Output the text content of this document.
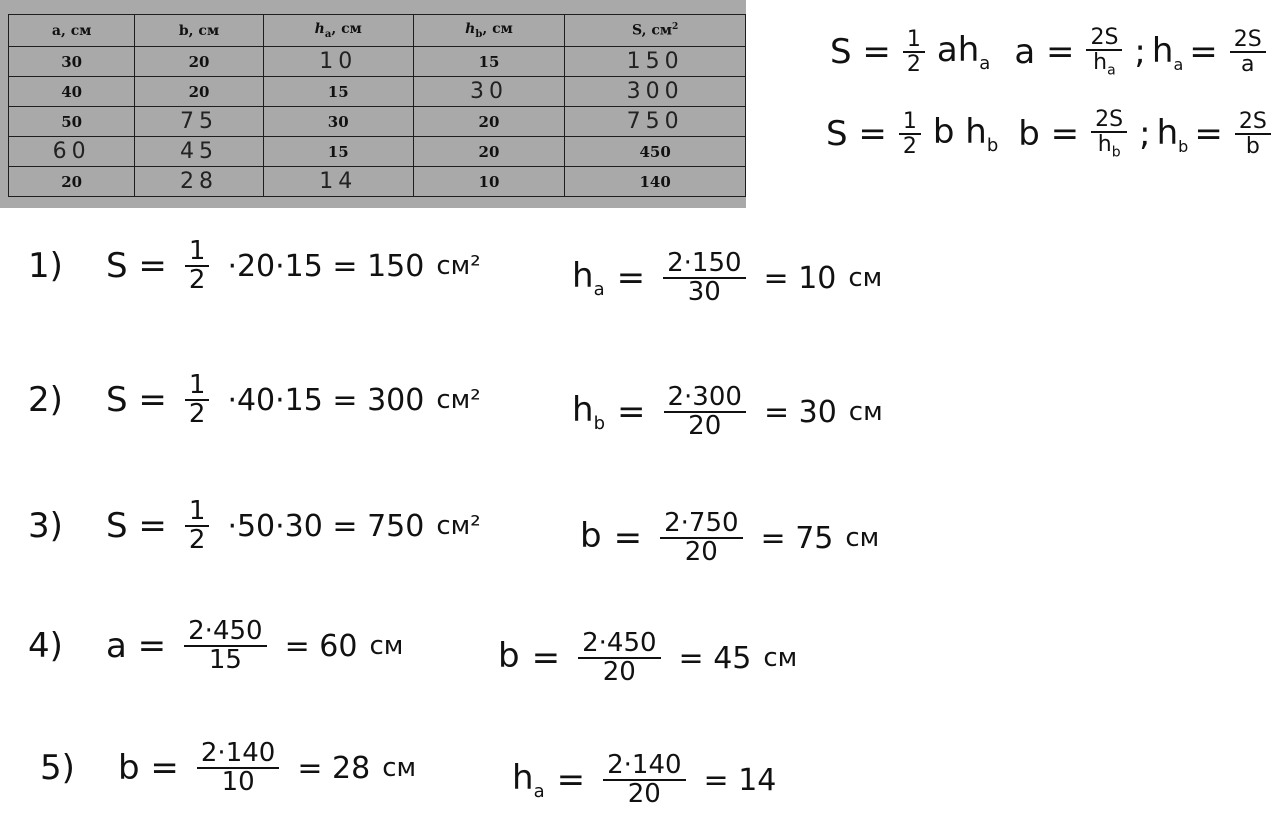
a, см	b, см	$h_a$, см	$h_b$, см	S, $см^2$
30	20	10	15	150
40	20	15	30	300
50	75	30	20	750
60	45	15	20	450
20	28	14	10	140
$S = \frac{1}{2} ah_a$ $a = \frac{2S}{h_a}$ ; $h_a = \frac{2S}{a}$
$S = \frac{1}{2}$ b $h_b$ $b = \frac{2S}{h_b}$ ; $h_b = \frac{2S}{b}$
1)	$S = \frac{1}{2} \cdot 20\cdot 15 = 150$ см²	$h_a = \frac{2\cdot 150}{30} = 10$ см
2)	$S = \frac{1}{2} \cdot 40\cdot 15 = 300$ см²	$h_b = \frac{2\cdot 300}{20} = 30$ см
3)	$S = \frac{1}{2} \cdot 50\cdot 30 = 750$ см²	$b = \frac{2\cdot 750}{20} = 75$ см
4)	$a = \frac{2\cdot 450}{15} = 60$ см	$b = \frac{2\cdot 450}{20} = 45$ см
5)	$b = \frac{2\cdot 140}{10} = 28$ см	$h_a = \frac{2\cdot 140}{20} = 14$
